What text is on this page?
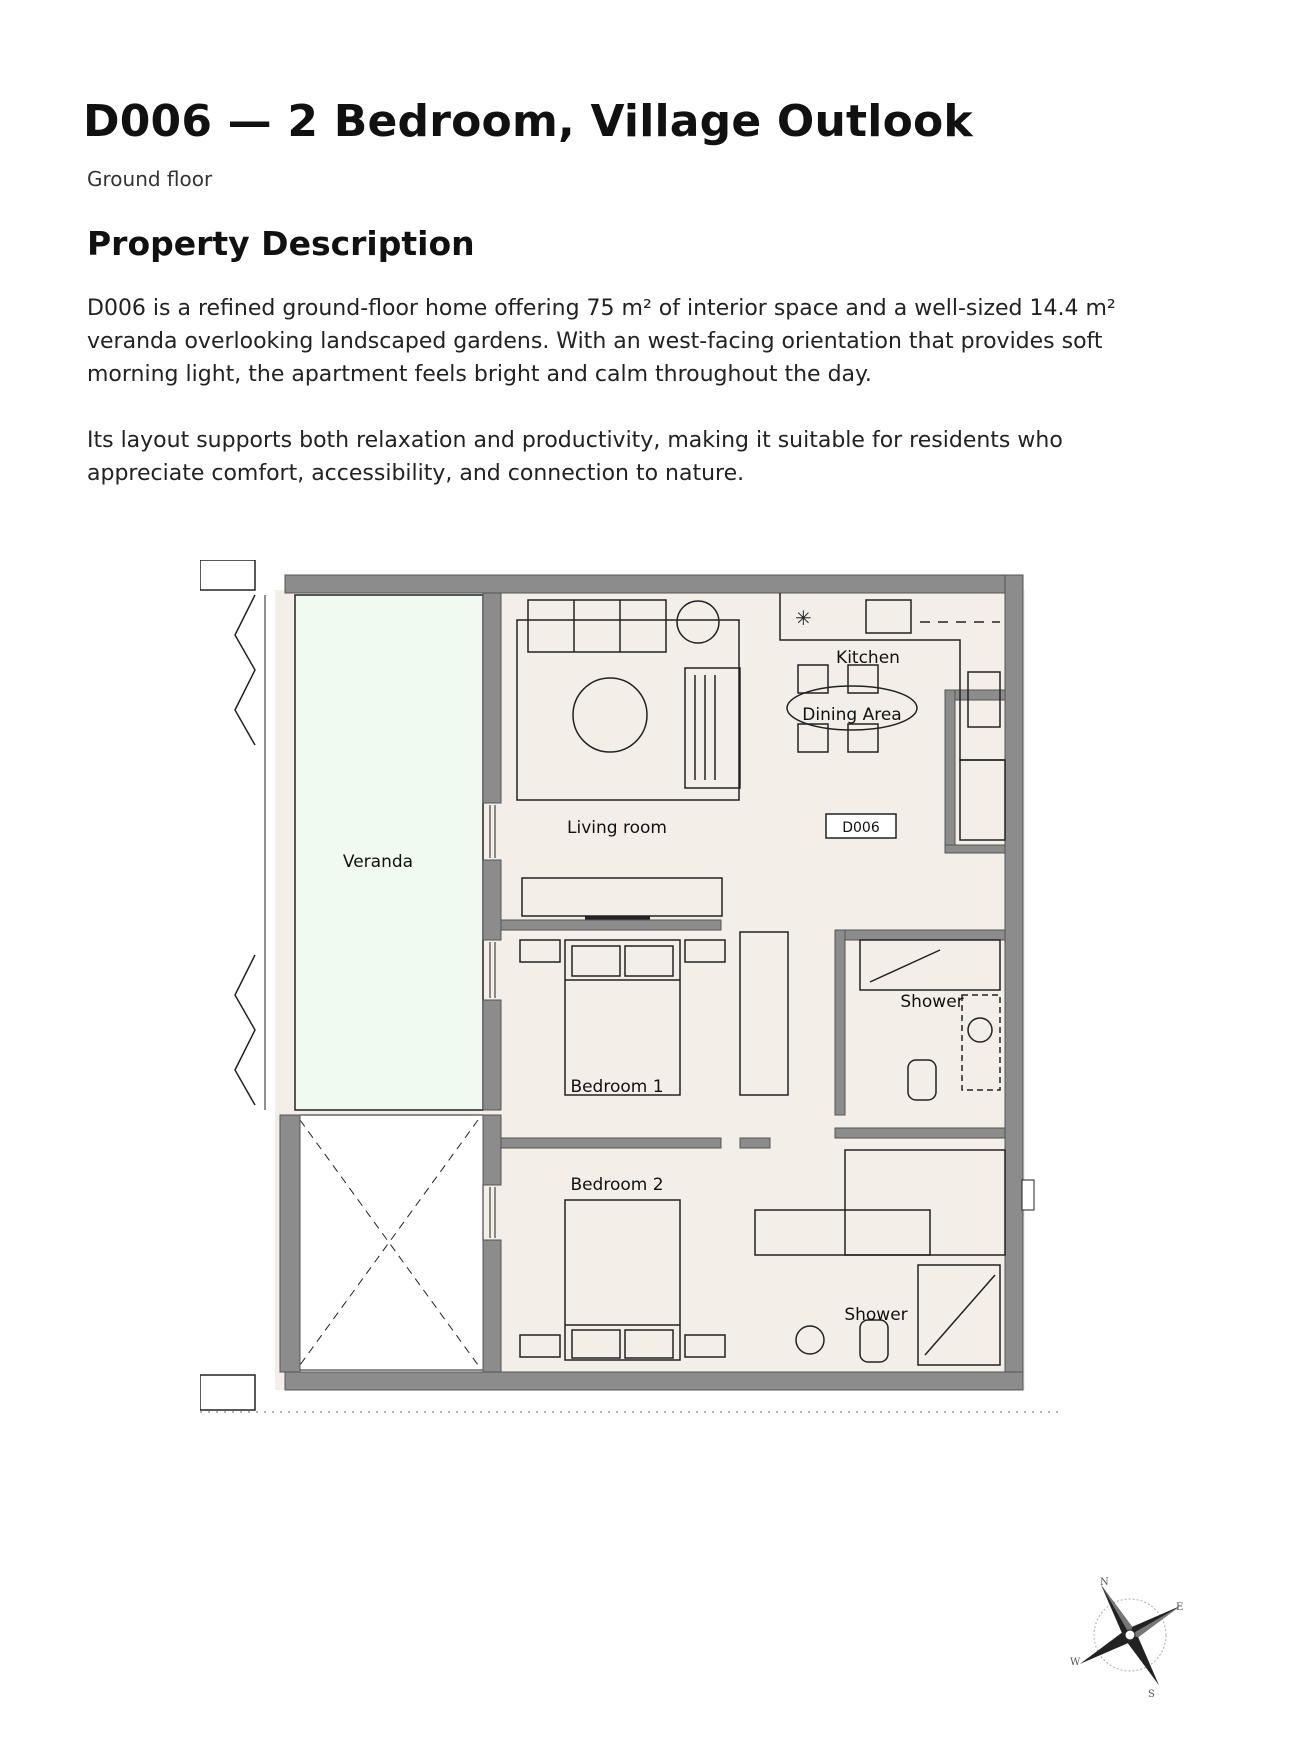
D006 — 2 Bedroom, Village Outlook
Ground floor
Property Description

D006 is a refined ground-floor home offering 75 m² of interior space and a well-sized 14.4 m² veranda overlooking landscaped gardens. With an west-facing orientation that provides soft morning light, the apartment feels bright and calm throughout the day.

Its layout supports both relaxation and productivity, making it suitable for residents who appreciate comfort, accessibility, and connection to nature.

✳
D006
Kitchen
Dining Area
Living room
Veranda
Bedroom 1
Bedroom 2
Shower
Shower
N
E
S
W
